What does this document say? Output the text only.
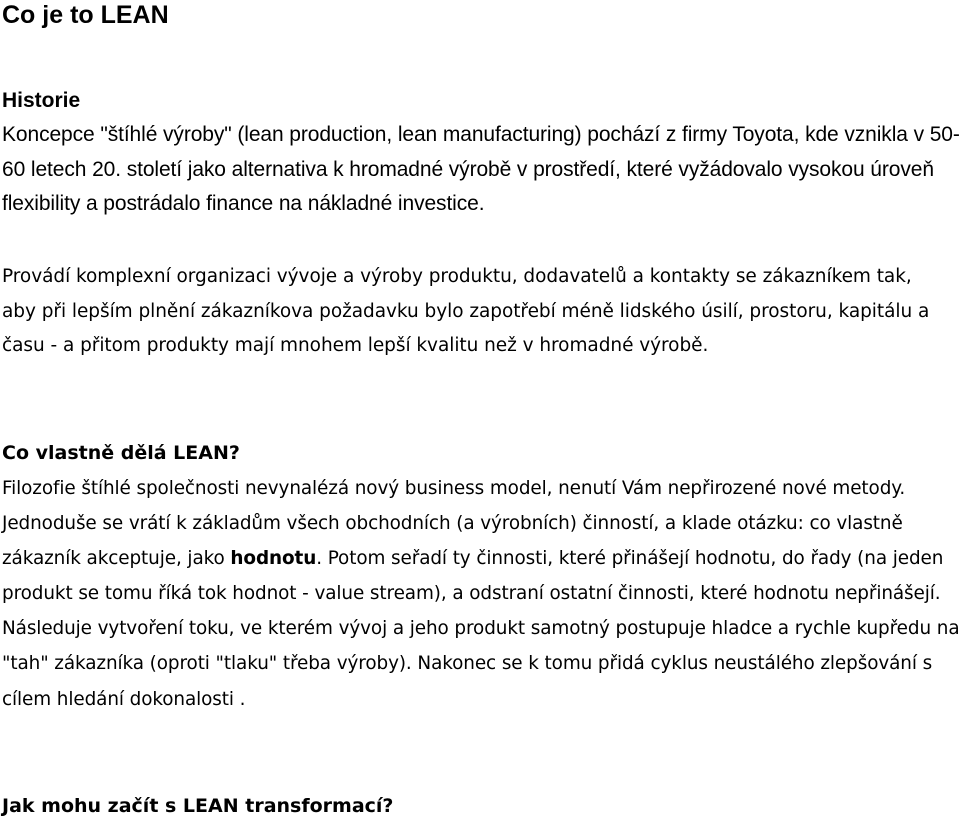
Co je to LEAN
Historie

Koncepce "štíhlé výroby" (lean production, lean manufacturing) pochází z firmy Toyota, kde vznikla v 50-60 letech 20. století jako alternativa k hromadné výrobě v prostředí, které vyžádovalo vysokou úroveň flexibility a postrádalo finance na nákladné investice.

Provádí komplexní organizaci vývoje a výroby produktu, dodavatelů a kontakty se zákazníkem tak, aby při lepším plnění zákazníkova požadavku bylo zapotřebí méně lidského úsilí, prostoru, kapitálu a času - a přitom produkty mají mnohem lepší kvalitu než v hromadné výrobě.

Co vlastně dělá LEAN?

Filozofie štíhlé společnosti nevynalézá nový business model, nenutí Vám nepřirozené nové metody. Jednoduše se vrátí k základům všech obchodních (a výrobních) činností, a klade otázku: co vlastně zákazník akceptuje, jako hodnotu. Potom seřadí ty činnosti, které přinášejí hodnotu, do řady (na jeden produkt se tomu říká tok hodnot - value stream), a odstraní ostatní činnosti, které hodnotu nepřinášejí. Následuje vytvoření toku, ve kterém vývoj a jeho produkt samotný postupuje hladce a rychle kupředu na "tah" zákazníka (oproti "tlaku" třeba výroby). Nakonec se k tomu přidá cyklus neustálého zlepšování s cílem hledání dokonalosti .

Jak mohu začít s LEAN transformací?
